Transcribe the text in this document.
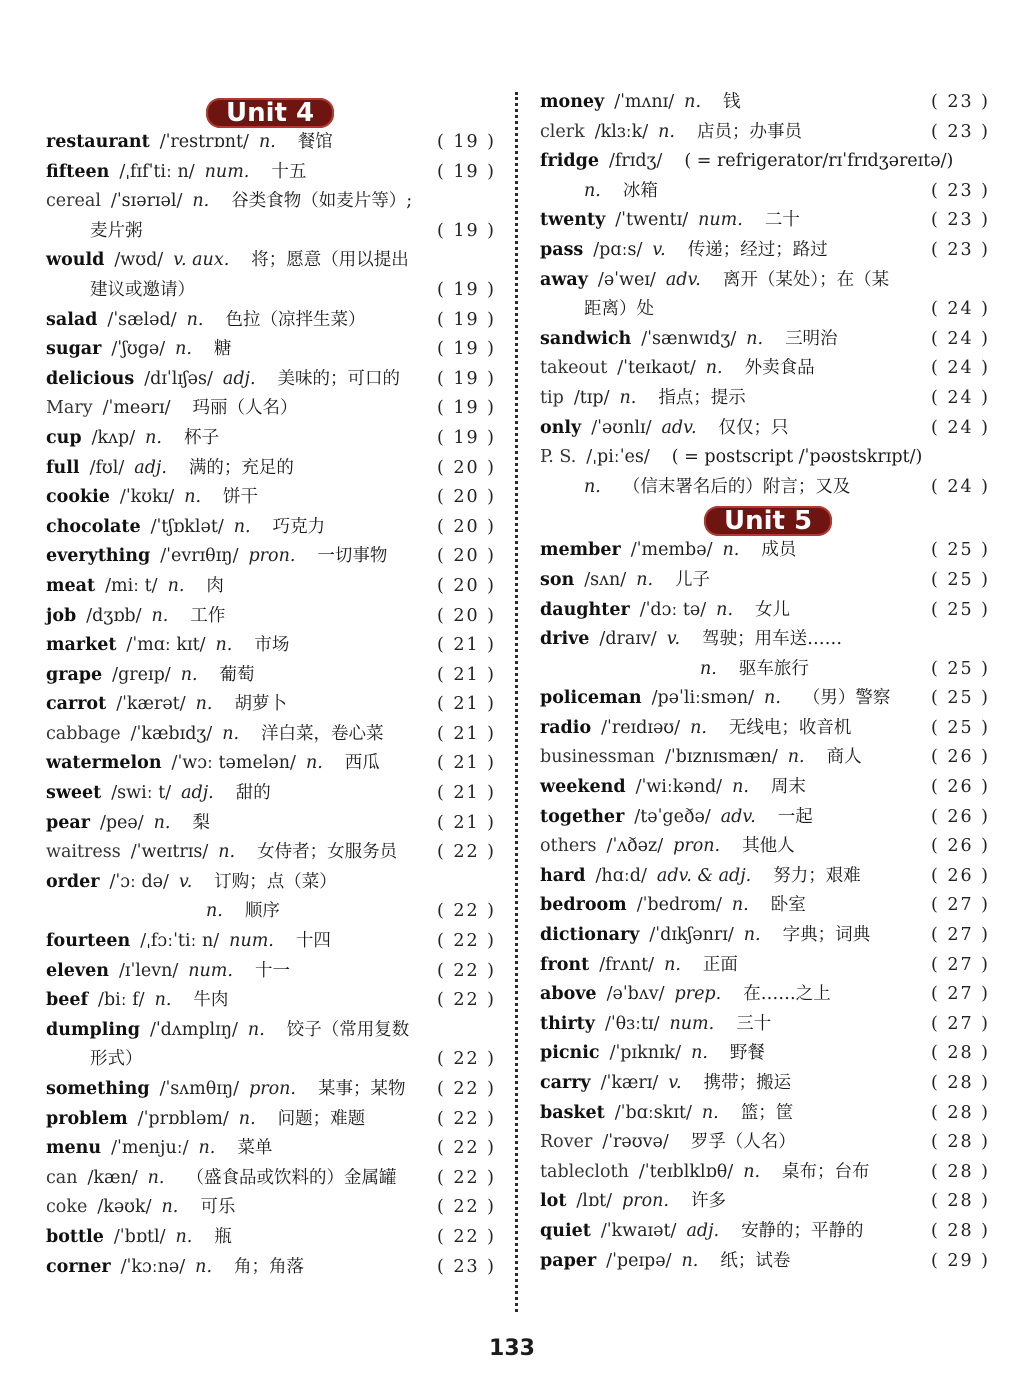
Unit 4
restaurant /ˈrestrɒnt/ n. 餐馆	( 19 )
fifteen /ˌfɪfˈtiː n/ num. 十五	( 19 )
cereal /ˈsɪərɪəl/ n. 谷类食物（如麦片等）;
麦片粥	( 19 )
would /wʊd/ v. aux. 将；愿意（用以提出
建议或邀请）	( 19 )
salad /ˈsæləd/ n. 色拉（凉拌生菜）	( 19 )
sugar /ˈʃʊgə/ n. 糖	( 19 )
delicious /dɪˈlɪʃəs/ adj. 美味的；可口的 ( 19 )
Mary /ˈmeərɪ/ 玛丽（人名）	( 19 )
cup /kʌp/ n. 杯子	( 19 )
full /fʊl/ adj. 满的；充足的	( 20 )
cookie /ˈkʊkɪ/ n. 饼干	( 20 )
chocolate /ˈtʃɒklət/ n. 巧克力	( 20 )
everything /ˈevrɪθɪŋ/ pron. 一切事物	( 20 )
meat /miː t/ n. 肉	( 20 )
job /dʒɒb/ n. 工作	( 20 )
market /ˈmɑː kɪt/ n. 市场	( 21 )
grape /greɪp/ n. 葡萄	( 21 )
carrot /ˈkærət/ n. 胡萝卜	( 21 )
cabbage /ˈkæbɪdʒ/ n. 洋白菜，卷心菜	( 21 )
watermelon /ˈwɔː təmelən/ n. 西瓜	( 21 )
sweet /swiː t/ adj. 甜的	( 21 )
pear /peə/ n. 梨	( 21 )
waitress /ˈweɪtrɪs/ n. 女侍者；女服务员 ( 22 )
order /ˈɔː də/ v. 订购；点（菜）
n. 顺序	( 22 )
fourteen /ˌfɔːˈtiː n/ num. 十四	( 22 )
eleven /ɪˈlevn/ num. 十一	( 22 )
beef /biː f/ n. 牛肉	( 22 )
dumpling /ˈdʌmplɪŋ/ n. 饺子（常用复数
形式）	( 22 )
something /ˈsʌmθɪŋ/ pron. 某事；某物 ( 22 )
problem /ˈprɒbləm/ n. 问题；难题	( 22 )
menu /ˈmenjuː/ n. 菜单	( 22 )
can /kæn/ n. （盛食品或饮料的）金属罐 ( 22 )
coke /kəʊk/ n. 可乐	( 22 )
bottle /ˈbɒtl/ n. 瓶	( 22 )
corner /ˈkɔːnə/ n. 角；角落	( 23 )
money /ˈmʌnɪ/ n. 钱	( 23 )
clerk /klɜːk/ n. 店员；办事员	( 23 )
fridge /frɪdʒ/ ( = refrigerator/rɪˈfrɪdʒəreɪtə/)
n. 冰箱	( 23 )
twenty /ˈtwentɪ/ num. 二十	( 23 )
pass /pɑːs/ v. 传递；经过；路过	( 23 )
away /əˈweɪ/ adv. 离开（某处）；在（某
距离）处	( 24 )
sandwich /ˈsænwɪdʒ/ n. 三明治	( 24 )
takeout /ˈteɪkaʊt/ n. 外卖食品	( 24 )
tip /tɪp/ n. 指点；提示	( 24 )
only /ˈəʊnlɪ/ adv. 仅仅；只	( 24 )
P. S. /ˌpiːˈes/ ( = postscript /ˈpəʊstskrɪpt/)
n. （信末署名后的）附言；又及	( 24 )
Unit 5
member /ˈmembə/ n. 成员	( 25 )
son /sʌn/ n. 儿子	( 25 )
daughter /ˈdɔː tə/ n. 女儿	( 25 )
drive /draɪv/ v. 驾驶；用车送……
n. 驱车旅行	( 25 )
policeman /pəˈliːsmən/ n. （男）警察 ( 25 )
radio /ˈreɪdɪəʊ/ n. 无线电；收音机	( 25 )
businessman /ˈbɪznɪsmæn/ n. 商人	( 26 )
weekend /ˈwiːkənd/ n. 周末	( 26 )
together /təˈgeðə/ adv. 一起	( 26 )
others /ˈʌðəz/ pron. 其他人	( 26 )
hard /hɑːd/ adv. & adj. 努力；艰难	( 26 )
bedroom /ˈbedrʊm/ n. 卧室	( 27 )
dictionary /ˈdɪkʃənrɪ/ n. 字典；词典	( 27 )
front /frʌnt/ n. 正面	( 27 )
above /əˈbʌv/ prep. 在……之上	( 27 )
thirty /ˈθɜːtɪ/ num. 三十	( 27 )
picnic /ˈpɪknɪk/ n. 野餐	( 28 )
carry /ˈkærɪ/ v. 携带；搬运	( 28 )
basket /ˈbɑːskɪt/ n. 篮；筐	( 28 )
Rover /ˈrəʊvə/ 罗孚（人名）	( 28 )
tablecloth /ˈteɪblklɒθ/ n. 桌布；台布	( 28 )
lot /lɒt/ pron. 许多	( 28 )
quiet /ˈkwaɪət/ adj. 安静的；平静的	( 28 )
paper /ˈpeɪpə/ n. 纸；试卷	( 29 )
133
